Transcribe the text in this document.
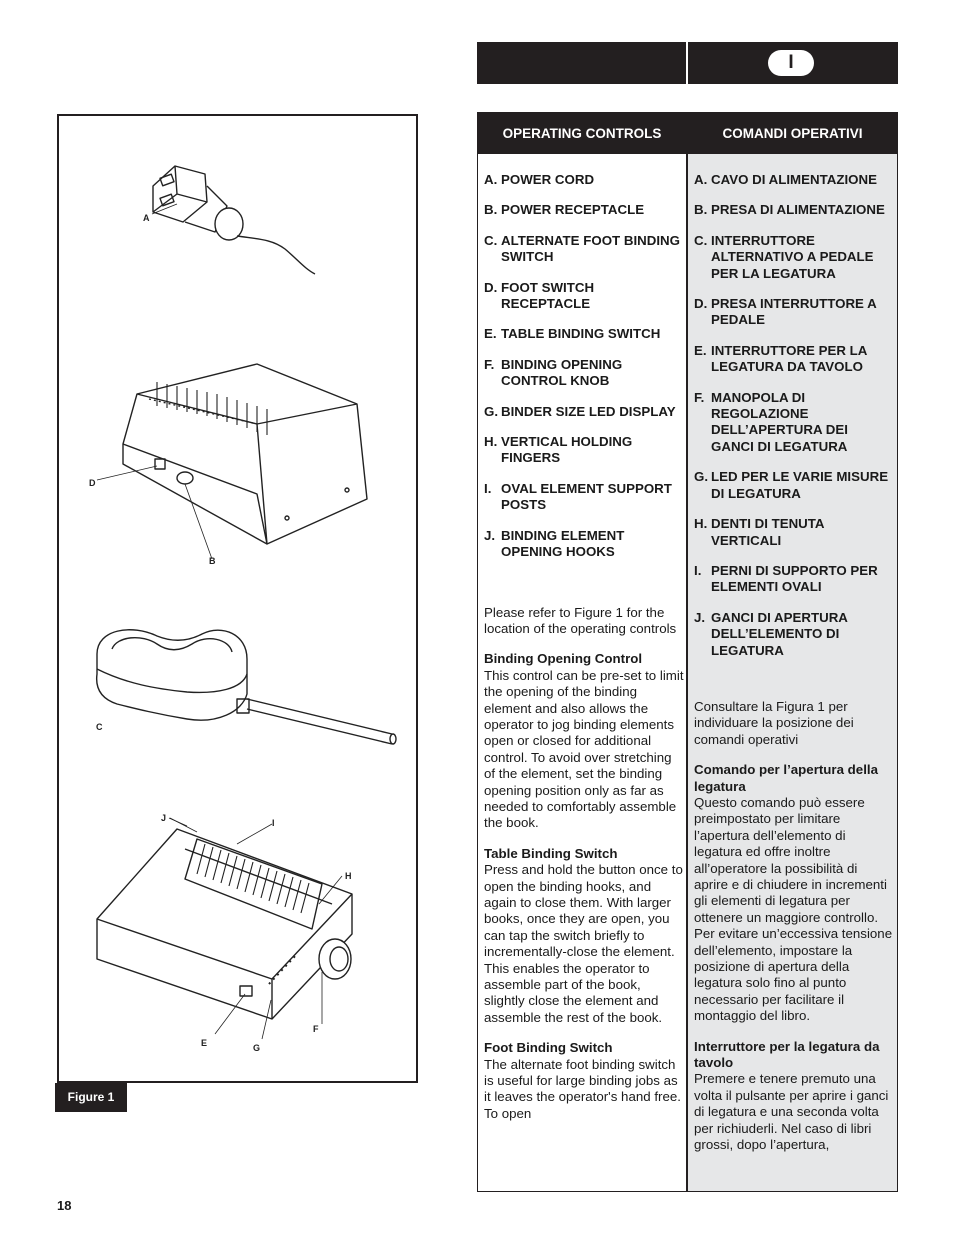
I
A
D
B
C
J	I
H
E	G
F
Figure 1
OPERATING CONTROLS	COMANDI OPERATIVI
A. POWER CORD
B. POWER RECEPTACLE
C. ALTERNATE FOOT BINDING SWITCH
D. FOOT SWITCH RECEPTACLE
E. TABLE BINDING SWITCH
F. BINDING OPENING CONTROL KNOB
G. BINDER SIZE LED DISPLAY
H. VERTICAL HOLDING FINGERS
I. OVAL ELEMENT SUPPORT POSTS
J. BINDING ELEMENT OPENING HOOKS

Please refer to Figure 1 for the location of the operating controls

Binding Opening Control
This control can be pre-set to limit the opening of the binding element and also allows the operator to jog binding elements open or closed for additional control. To avoid over stretching of the element, set the binding opening position only as far as needed to comfortably assemble the book.

Table Binding Switch
Press and hold the button once to open the binding hooks, and again to close them. With larger books, once they are open, you can tap the switch briefly to incrementally-close the element. This enables the operator to assemble part of the book, slightly close the element and assemble the rest of the book.

Foot Binding Switch
The alternate foot binding switch is useful for large binding jobs as it leaves the operator's hand free. To open

A. CAVO DI ALIMENTAZIONE
B. PRESA DI ALIMENTAZIONE
C. INTERRUTTORE ALTERNATIVO A PEDALE PER LA LEGATURA
D. PRESA INTERRUTTORE A PEDALE
E. INTERRUTTORE PER LA LEGATURA DA TAVOLO
F. MANOPOLA DI REGOLAZIONE DELL’APERTURA DEI GANCI DI LEGATURA
G. LED PER LE VARIE MISURE DI LEGATURA
H. DENTI DI TENUTA VERTICALI
I. PERNI DI SUPPORTO PER ELEMENTI OVALI
J. GANCI DI APERTURA DELL’ELEMENTO DI LEGATURA

Consultare la Figura 1 per individuare la posizione dei comandi operativi

Comando per l’apertura della legatura
Questo comando può essere preimpostato per limitare l’apertura dell’elemento di legatura ed offre inoltre all’operatore la possibilità di aprire e di chiudere in incrementi gli elementi di legatura per ottenere un maggiore controllo. Per evitare un’eccessiva tensione dell’elemento, impostare la posizione di apertura della legatura solo fino al punto necessario per facilitare il montaggio del libro.

Interruttore per la legatura da tavolo
Premere e tenere premuto una volta il pulsante per aprire i ganci di legatura e una seconda volta per richiuderli. Nel caso di libri grossi, dopo l’apertura,

18
